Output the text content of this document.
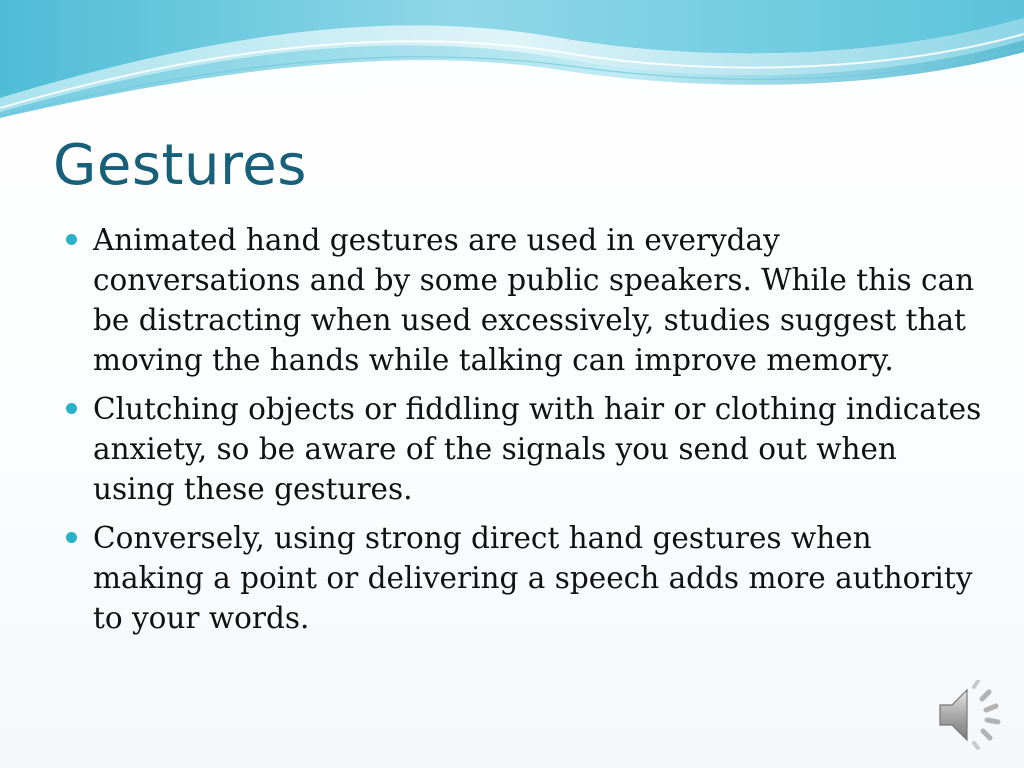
Gestures
Animated hand gestures are used in everyday conversations and by some public speakers. While this can be distracting when used excessively, studies suggest that moving the hands while talking can improve memory.
Clutching objects or fiddling with hair or clothing indicates anxiety, so be aware of the signals you send out when using these gestures.
Conversely, using strong direct hand gestures when making a point or delivering a speech adds more authority to your words.
